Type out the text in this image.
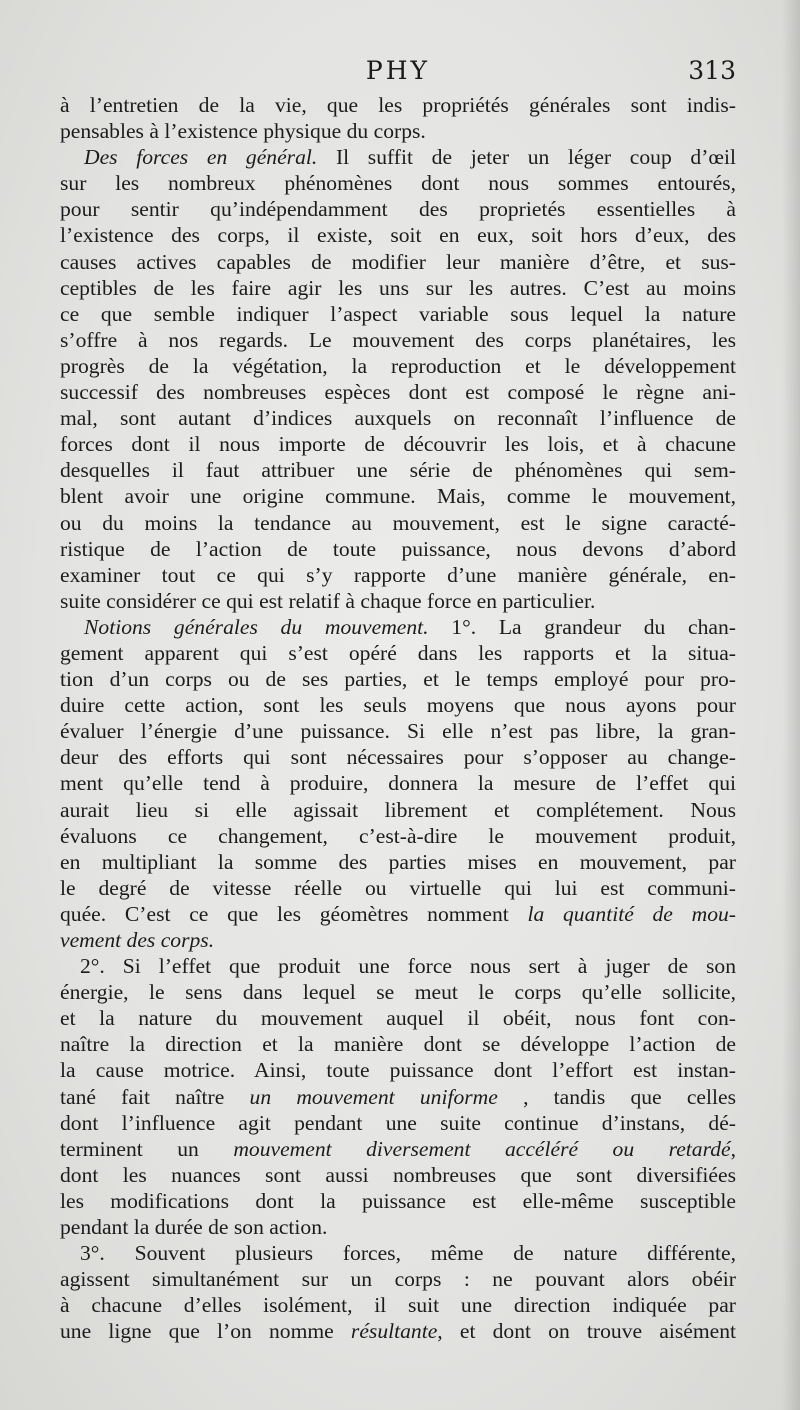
PHY	313
à l’entretien de la vie, que les propriétés générales sont indis-
pensables à l’existence physique du corps.
Des forces en général. Il suffit de jeter un léger coup d’œil
sur les nombreux phénomènes dont nous sommes entourés,
pour sentir qu’indépendamment des proprietés essentielles à
l’existence des corps, il existe, soit en eux, soit hors d’eux, des
causes actives capables de modifier leur manière d’être, et sus-
ceptibles de les faire agir les uns sur les autres. C’est au moins
ce que semble indiquer l’aspect variable sous lequel la nature
s’offre à nos regards. Le mouvement des corps planétaires, les
progrès de la végétation, la reproduction et le développement
successif des nombreuses espèces dont est composé le règne ani-
mal, sont autant d’indices auxquels on reconnaît l’influence de
forces dont il nous importe de découvrir les lois, et à chacune
desquelles il faut attribuer une série de phénomènes qui sem-
blent avoir une origine commune. Mais, comme le mouvement,
ou du moins la tendance au mouvement, est le signe caracté-
ristique de l’action de toute puissance, nous devons d’abord
examiner tout ce qui s’y rapporte d’une manière générale, en-
suite considérer ce qui est relatif à chaque force en particulier.
Notions générales du mouvement. 1°. La grandeur du chan-
gement apparent qui s’est opéré dans les rapports et la situa-
tion d’un corps ou de ses parties, et le temps employé pour pro-
duire cette action, sont les seuls moyens que nous ayons pour
évaluer l’énergie d’une puissance. Si elle n’est pas libre, la gran-
deur des efforts qui sont nécessaires pour s’opposer au change-
ment qu’elle tend à produire, donnera la mesure de l’effet qui
aurait lieu si elle agissait librement et complétement. Nous
évaluons ce changement, c’est-à-dire le mouvement produit,
en multipliant la somme des parties mises en mouvement, par
le degré de vitesse réelle ou virtuelle qui lui est communi-
quée. C’est ce que les géomètres nomment la quantité de mou-
vement des corps.
2°. Si l’effet que produit une force nous sert à juger de son
énergie, le sens dans lequel se meut le corps qu’elle sollicite,
et la nature du mouvement auquel il obéit, nous font con-
naître la direction et la manière dont se développe l’action de
la cause motrice. Ainsi, toute puissance dont l’effort est instan-
tané fait naître un mouvement uniforme , tandis que celles
dont l’influence agit pendant une suite continue d’instans, dé-
terminent un mouvement diversement accéléré ou retardé,
dont les nuances sont aussi nombreuses que sont diversifiées
les modifications dont la puissance est elle-même susceptible
pendant la durée de son action.
3°. Souvent plusieurs forces, même de nature différente,
agissent simultanément sur un corps : ne pouvant alors obéir
à chacune d’elles isolément, il suit une direction indiquée par
une ligne que l’on nomme résultante, et dont on trouve aisément
